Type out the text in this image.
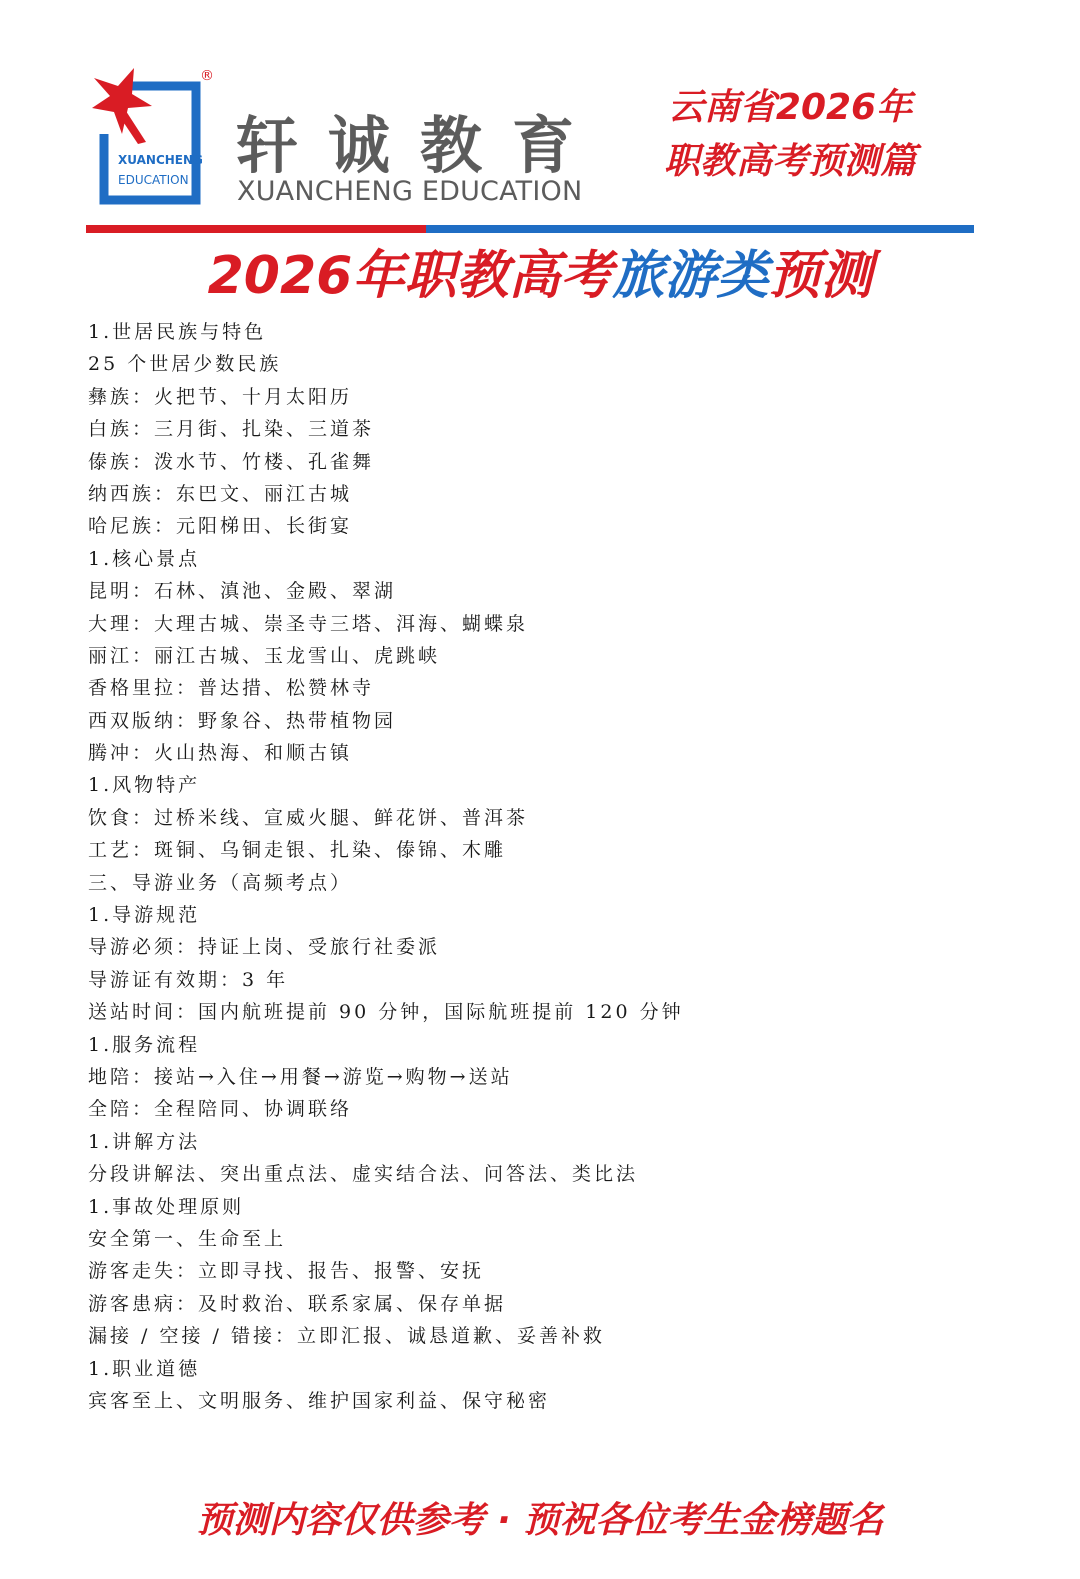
XUANCHENG
EDUCATION
®
轩诚教育
XUANCHENG EDUCATION
云南省2026年
职教高考预测篇
2026年职教高考旅游类预测
1.世居民族与特色
25 个世居少数民族
彝族：火把节、十月太阳历
白族：三月街、扎染、三道茶
傣族：泼水节、竹楼、孔雀舞
纳西族：东巴文、丽江古城
哈尼族：元阳梯田、长街宴
1.核心景点
昆明：石林、滇池、金殿、翠湖
大理：大理古城、崇圣寺三塔、洱海、蝴蝶泉
丽江：丽江古城、玉龙雪山、虎跳峡
香格里拉：普达措、松赞林寺
西双版纳：野象谷、热带植物园
腾冲：火山热海、和顺古镇
1.风物特产
饮食：过桥米线、宣威火腿、鲜花饼、普洱茶
工艺：斑铜、乌铜走银、扎染、傣锦、木雕
三、导游业务（高频考点）
1.导游规范
导游必须：持证上岗、受旅行社委派
导游证有效期：3 年
送站时间：国内航班提前 90 分钟，国际航班提前 120 分钟
1.服务流程
地陪：接站→入住→用餐→游览→购物→送站
全陪：全程陪同、协调联络
1.讲解方法
分段讲解法、突出重点法、虚实结合法、问答法、类比法
1.事故处理原则
安全第一、生命至上
游客走失：立即寻找、报告、报警、安抚
游客患病：及时救治、联系家属、保存单据
漏接 / 空接 / 错接：立即汇报、诚恳道歉、妥善补救
1.职业道德
宾客至上、文明服务、维护国家利益、保守秘密
预测内容仅供参考 · 预祝各位考生金榜题名
